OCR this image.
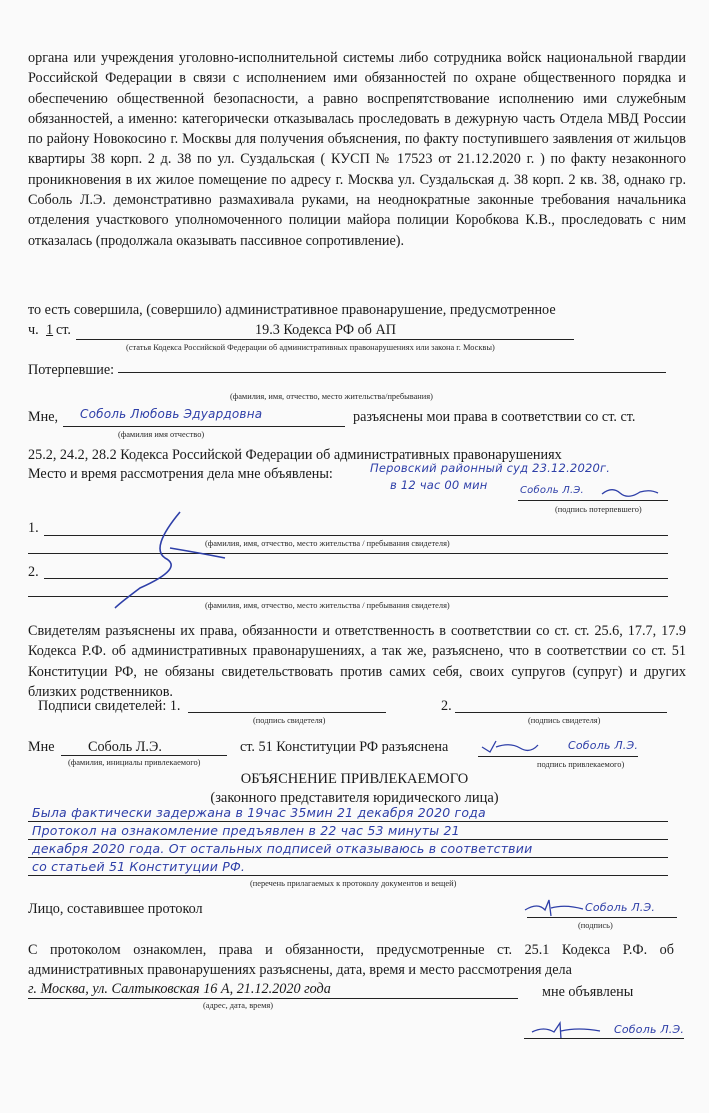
органа или учреждения уголовно-исполнительной системы либо сотрудника войск национальной гвардии Российской Федерации в связи с исполнением ими обязанностей по охране общественного порядка и обеспечению общественной безопасности, а равно воспрепятствование исполнению ими служебным обязанностей, а именно: категорически отказывалась проследовать в дежурную часть Отдела МВД России по району Новокосино г. Москвы для получения объяснения, по факту поступившего заявления от жильцов квартиры 38 корп. 2 д. 38 по ул. Суздальская ( КУСП № 17523 от 21.12.2020 г. ) по факту незаконного проникновения в их жилое помещение по адресу г. Москва ул. Суздальская д. 38 корп. 2 кв. 38, однако гр. Соболь Л.Э. демонстративно размахивала руками, на неоднократные законные требования начальника отделения участкового уполномоченного полиции майора полиции Коробкова К.В., проследовать с ним отказалась (продолжала оказывать пассивное сопротивление).

то есть совершила, (совершило) административное правонарушение, предусмотренное

ч. 1 ст.	19.3 Кодекса РФ об АП
(статья Кодекса Российской Федерации об административных правонарушениях или закона г. Москвы)
Потерпевшие:
(фамилия, имя, отчество, место жительства/пребывания)
Мне, Соболь Любовь Эдуардовна	разъяснены мои права в соответствии со ст. ст.
(фамилия имя отчество)
25.2, 24.2, 28.2 Кодекса Российской Федерации об административных правонарушениях
Место и время рассмотрения дела мне объявлены:	Перовский районный суд 23.12.2020г.
в 12 час 00 мин	Соболь Л.Э.
(подпись потерпевшего)
1.
(фамилия, имя, отчество, место жительства / пребывания свидетеля)
2.
(фамилия, имя, отчество, место жительства / пребывания свидетеля)

Свидетелям разъяснены их права, обязанности и ответственность в соответствии со ст. ст. 25.6, 17.7, 17.9 Кодекса Р.Ф. об административных правонарушениях, а так же, разъяснено, что в соответствии со ст. 51 Конституции РФ, не обязаны свидетельствовать против самих себя, своих супругов (супруг) и других близких родственников.

Подписи свидетелей: 1.
(подпись свидетеля)
2.
(подпись свидетеля)
Мне Соболь Л.Э.	ст. 51 Конституции РФ разъяснена
(фамилия, инициалы привлекаемого)
Соболь Л.Э.
подпись привлекаемого)
ОБЪЯСНЕНИЕ ПРИВЛЕКАЕМОГО
(законного представителя юридического лица)
Была фактически задержана в 19час 35мин 21 декабря 2020 года
Протокол на ознакомление предъявлен в 22 час 53 минуты 21
декабря 2020 года. От остальных подписей отказываюсь в соответствии
со статьей 51 Конституции РФ.
(перечень прилагаемых к протоколу документов и вещей)
Лицо, составившее протокол	Соболь Л.Э.
(подпись)

С протоколом ознакомлен, права и обязанности, предусмотренные ст. 25.1 Кодекса Р.Ф. об административных правонарушениях разъяснены, дата, время и место рассмотрения дела

г. Москва, ул. Салтыковская 16 А, 21.12.2020 года	мне объявлены
(адрес, дата, время)
Соболь Л.Э.
